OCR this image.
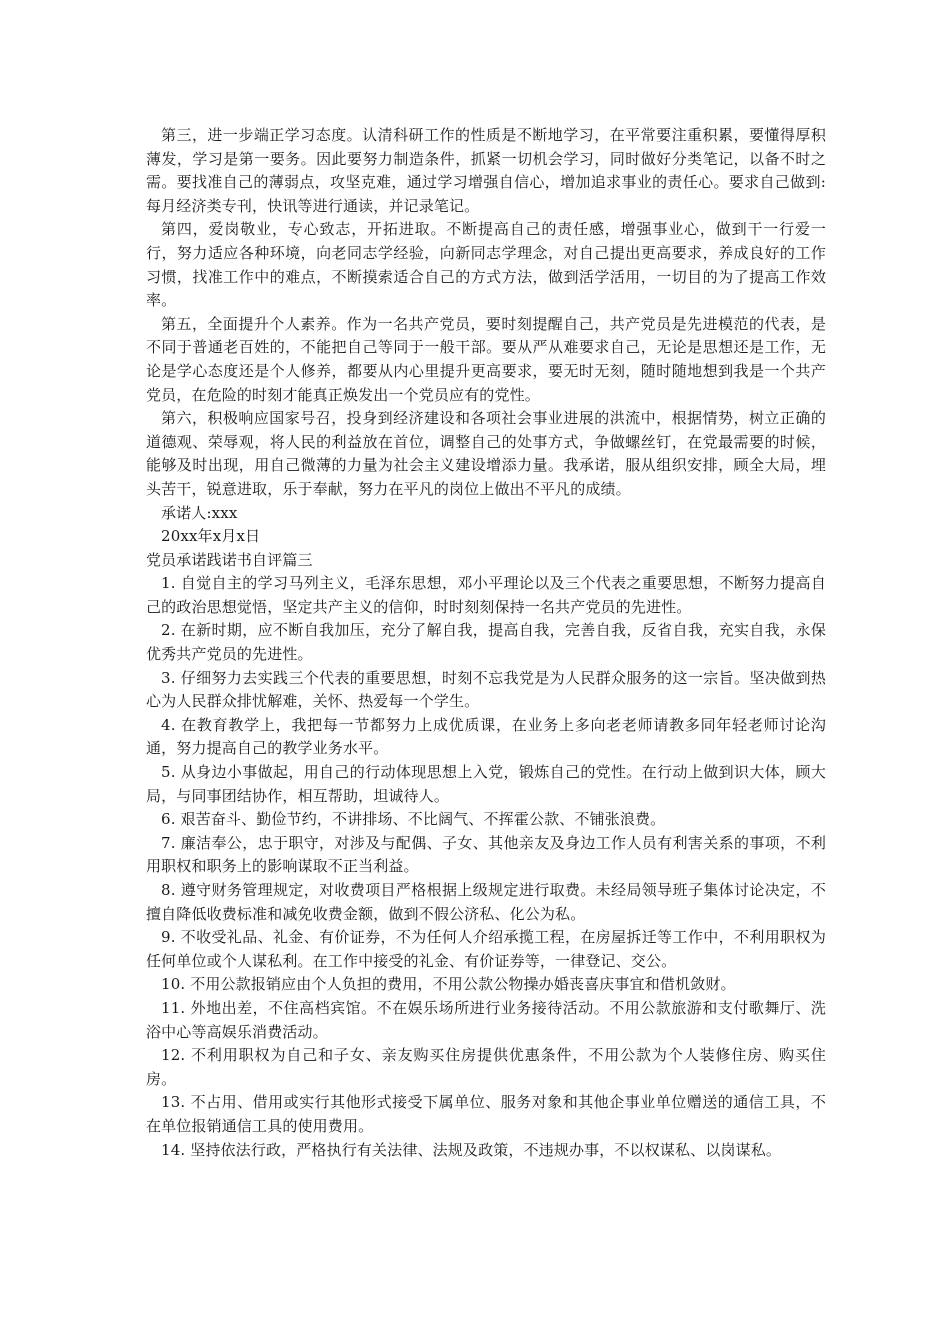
第三，进一步端正学习态度。认清科研工作的性质是不断地学习，在平常要注重积累，要懂得厚积薄发，学习是第一要务。因此要努力制造条件，抓紧一切机会学习，同时做好分类笔记，以备不时之需。要找准自己的薄弱点，攻坚克难，通过学习增强自信心，增加追求事业的责任心。要求自己做到:每月经济类专刊，快讯等进行通读，并记录笔记。

第四，爱岗敬业，专心致志，开拓进取。不断提高自己的责任感，增强事业心，做到干一行爱一行，努力适应各种环境，向老同志学经验，向新同志学理念，对自己提出更高要求，养成良好的工作习惯，找准工作中的难点，不断摸索适合自己的方式方法，做到活学活用，一切目的为了提高工作效率。

第五，全面提升个人素养。作为一名共产党员，要时刻提醒自己，共产党员是先进模范的代表，是不同于普通老百姓的，不能把自己等同于一般干部。要从严从难要求自己，无论是思想还是工作，无论是学心态度还是个人修养，都要从内心里提升更高要求，要无时无刻，随时随地想到我是一个共产党员，在危险的时刻才能真正焕发出一个党员应有的党性。

第六，积极响应国家号召，投身到经济建设和各项社会事业进展的洪流中，根据情势，树立正确的道德观、荣辱观，将人民的利益放在首位，调整自己的处事方式，争做螺丝钉，在党最需要的时候，能够及时出现，用自己微薄的力量为社会主义建设增添力量。我承诺，服从组织安排，顾全大局，埋头苦干，锐意进取，乐于奉献，努力在平凡的岗位上做出不平凡的成绩。

承诺人:xxx

20xx年x月x日

党员承诺践诺书自评篇三

1. 自觉自主的学习马列主义，毛泽东思想，邓小平理论以及三个代表之重要思想，不断努力提高自己的政治思想觉悟，坚定共产主义的信仰，时时刻刻保持一名共产党员的先进性。

2. 在新时期，应不断自我加压，充分了解自我，提高自我，完善自我，反省自我，充实自我，永保优秀共产党员的先进性。

3. 仔细努力去实践三个代表的重要思想，时刻不忘我党是为人民群众服务的这一宗旨。坚决做到热心为人民群众排忧解难，关怀、热爱每一个学生。

4. 在教育教学上，我把每一节都努力上成优质课，在业务上多向老老师请教多同年轻老师讨论沟通，努力提高自己的教学业务水平。

5. 从身边小事做起，用自己的行动体现思想上入党，锻炼自己的党性。在行动上做到识大体，顾大局，与同事团结协作，相互帮助，坦诚待人。

6. 艰苦奋斗、勤俭节约，不讲排场、不比阔气、不挥霍公款、不铺张浪费。

7. 廉洁奉公，忠于职守，对涉及与配偶、子女、其他亲友及身边工作人员有利害关系的事项，不利用职权和职务上的影响谋取不正当利益。

8. 遵守财务管理规定，对收费项目严格根据上级规定进行取费。未经局领导班子集体讨论决定，不擅自降低收费标准和减免收费金额，做到不假公济私、化公为私。

9. 不收受礼品、礼金、有价证券，不为任何人介绍承揽工程，在房屋拆迁等工作中，不利用职权为任何单位或个人谋私利。在工作中接受的礼金、有价证券等，一律登记、交公。

10. 不用公款报销应由个人负担的费用，不用公款公物操办婚丧喜庆事宜和借机敛财。

11. 外地出差，不住高档宾馆。不在娱乐场所进行业务接待活动。不用公款旅游和支付歌舞厅、洗浴中心等高娱乐消费活动。

12. 不利用职权为自己和子女、亲友购买住房提供优惠条件，不用公款为个人装修住房、购买住房。

13. 不占用、借用或实行其他形式接受下属单位、服务对象和其他企事业单位赠送的通信工具，不在单位报销通信工具的使用费用。

14. 坚持依法行政，严格执行有关法律、法规及政策，不违规办事，不以权谋私、以岗谋私。
